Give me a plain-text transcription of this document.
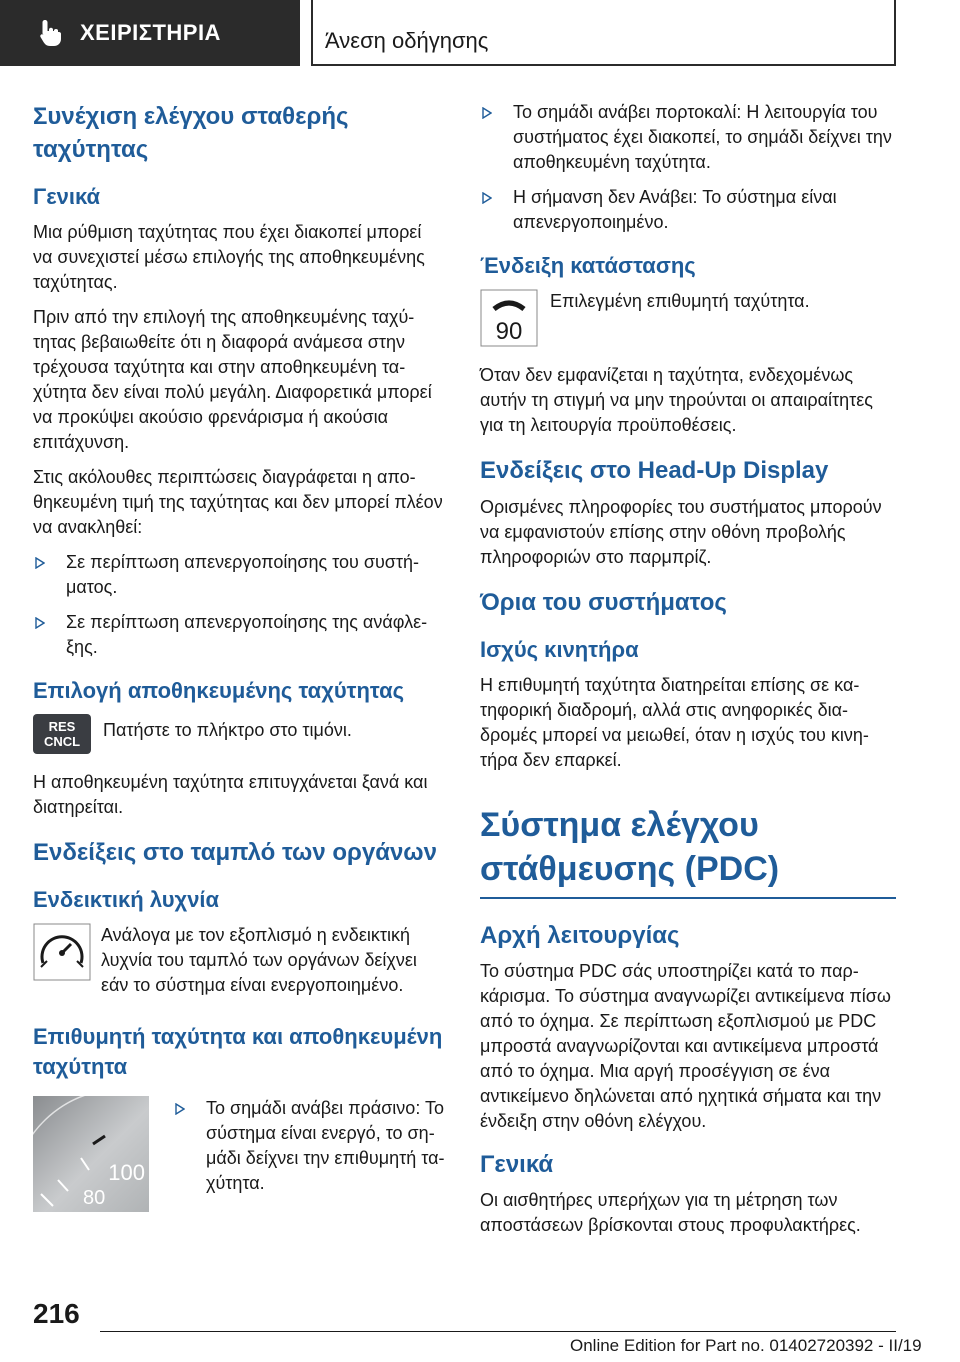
ΧΕΙΡΙΣΤΗΡΙΑ	Άνεση οδήγησης
Συνέχιση ελέγχου σταθερής ταχύτητας
Γενικά

Μια ρύθμιση ταχύτητας που έχει διακοπεί μπορεί να συνεχιστεί μέσω επιλογής της αποθηκευμένης ταχύτητας.

Πριν από την επιλογή της αποθηκευμένης ταχύτητας βεβαιωθείτε ότι η διαφορά ανάμεσα στην τρέχουσα ταχύτητα και στην αποθηκευμένη ταχύτητα δεν είναι πολύ μεγάλη. Διαφορετικά μπορεί να προκύψει ακούσιο φρενάρισμα ή ακούσια επιτάχυνση.

Στις ακόλουθες περιπτώσεις διαγράφεται η αποθηκευμένη τιμή της ταχύτητας και δεν μπορεί πλέον να ανακληθεί:

Σε περίπτωση απενεργοποίησης του συστήματος.
Σε περίπτωση απενεργοποίησης της ανάφλεξης.
Επιλογή αποθηκευμένης ταχύτητας
RES
CNCL
Πατήστε το πλήκτρο στο τιμόνι.

Η αποθηκευμένη ταχύτητα επιτυγχάνεται ξανά και διατηρείται.

Ενδείξεις στο ταμπλό των οργάνων
Ενδεικτική λυχνία
Ανάλογα με τον εξοπλισμό η ενδεικτική λυχνία του ταμπλό των οργάνων δείχνει εάν το σύστημα είναι ενεργοποιημένο.
Επιθυμητή ταχύτητα και αποθηκευμένη ταχύτητα
100
80
Το σημάδι ανάβει πράσινο: Το σύστημα είναι ενεργό, το σημάδι δείχνει την επιθυμητή ταχύτητα.
Το σημάδι ανάβει πορτοκαλί: Η λειτουργία του συστήματος έχει διακοπεί, το σημάδι δείχνει την αποθηκευμένη ταχύτητα.
Η σήμανση δεν Ανάβει: Το σύστημα είναι απενεργοποιημένο.
Ένδειξη κατάστασης
90
Επιλεγμένη επιθυμητή ταχύτητα.

Όταν δεν εμφανίζεται η ταχύτητα, ενδεχομένως αυτήν τη στιγμή να μην τηρούνται οι απαιραίτητες για τη λειτουργία προϋποθέσεις.

Ενδείξεις στο Head-Up Display

Ορισμένες πληροφορίες του συστήματος μπορούν να εμφανιστούν επίσης στην οθόνη προβολής πληροφοριών στο παρμπρίζ.

Όρια του συστήματος
Ισχύς κινητήρα

Η επιθυμητή ταχύτητα διατηρείται επίσης σε κατηφορική διαδρομή, αλλά στις ανηφορικές διαδρομές μπορεί να μειωθεί, όταν η ισχύς του κινητήρα δεν επαρκεί.

Σύστημα ελέγχου στάθμευσης (PDC)
Αρχή λειτουργίας

Το σύστημα PDC σάς υποστηρίζει κατά το παρκάρισμα. Το σύστημα αναγνωρίζει αντικείμενα πίσω από το όχημα. Σε περίπτωση εξοπλισμού με PDC μπροστά αναγνωρίζονται και αντικείμενα μπροστά από το όχημα. Μια αργή προσέγγιση σε ένα αντικείμενο δηλώνεται από ηχητικά σήματα και την ένδειξη στην οθόνη ελέγχου.

Γενικά

Οι αισθητήρες υπερήχων για τη μέτρηση των αποστάσεων βρίσκονται στους προφυλακτήρες.

216
Online Edition for Part no. 01402720392 - II/19
